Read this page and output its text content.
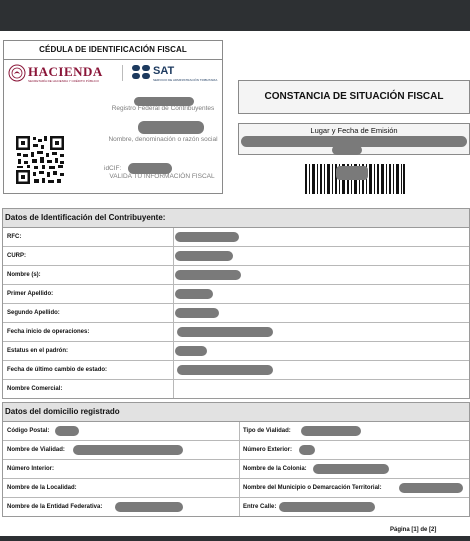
CÉDULA DE IDENTIFICACIÓN FISCAL
HACIENDA
SECRETARÍA DE HACIENDA Y CRÉDITO PÚBLICO
SAT
SERVICIO DE ADMINISTRACIÓN TRIBUTARIA
Registro Federal de Contribuyentes
Nombre, denominación o razón social
idCIF:
VALIDA TU INFORMACIÓN FISCAL
CONSTANCIA DE SITUACIÓN FISCAL
Lugar y Fecha de Emisión
Datos de Identificación del Contribuyente:
RFC:
CURP:
Nombre (s):
Primer Apellido:
Segundo Apellido:
Fecha inicio de operaciones:
Estatus en el padrón:
Fecha de último cambio de estado:
Nombre Comercial:
Datos del domicilio registrado
Código Postal:	Tipo de Vialidad:
Nombre de Vialidad:	Número Exterior:
Número Interior:	Nombre de la Colonia:
Nombre de la Localidad:	Nombre del Municipio o Demarcación Territorial:
Nombre de la Entidad Federativa:	Entre Calle:
Página [1] de [2]
